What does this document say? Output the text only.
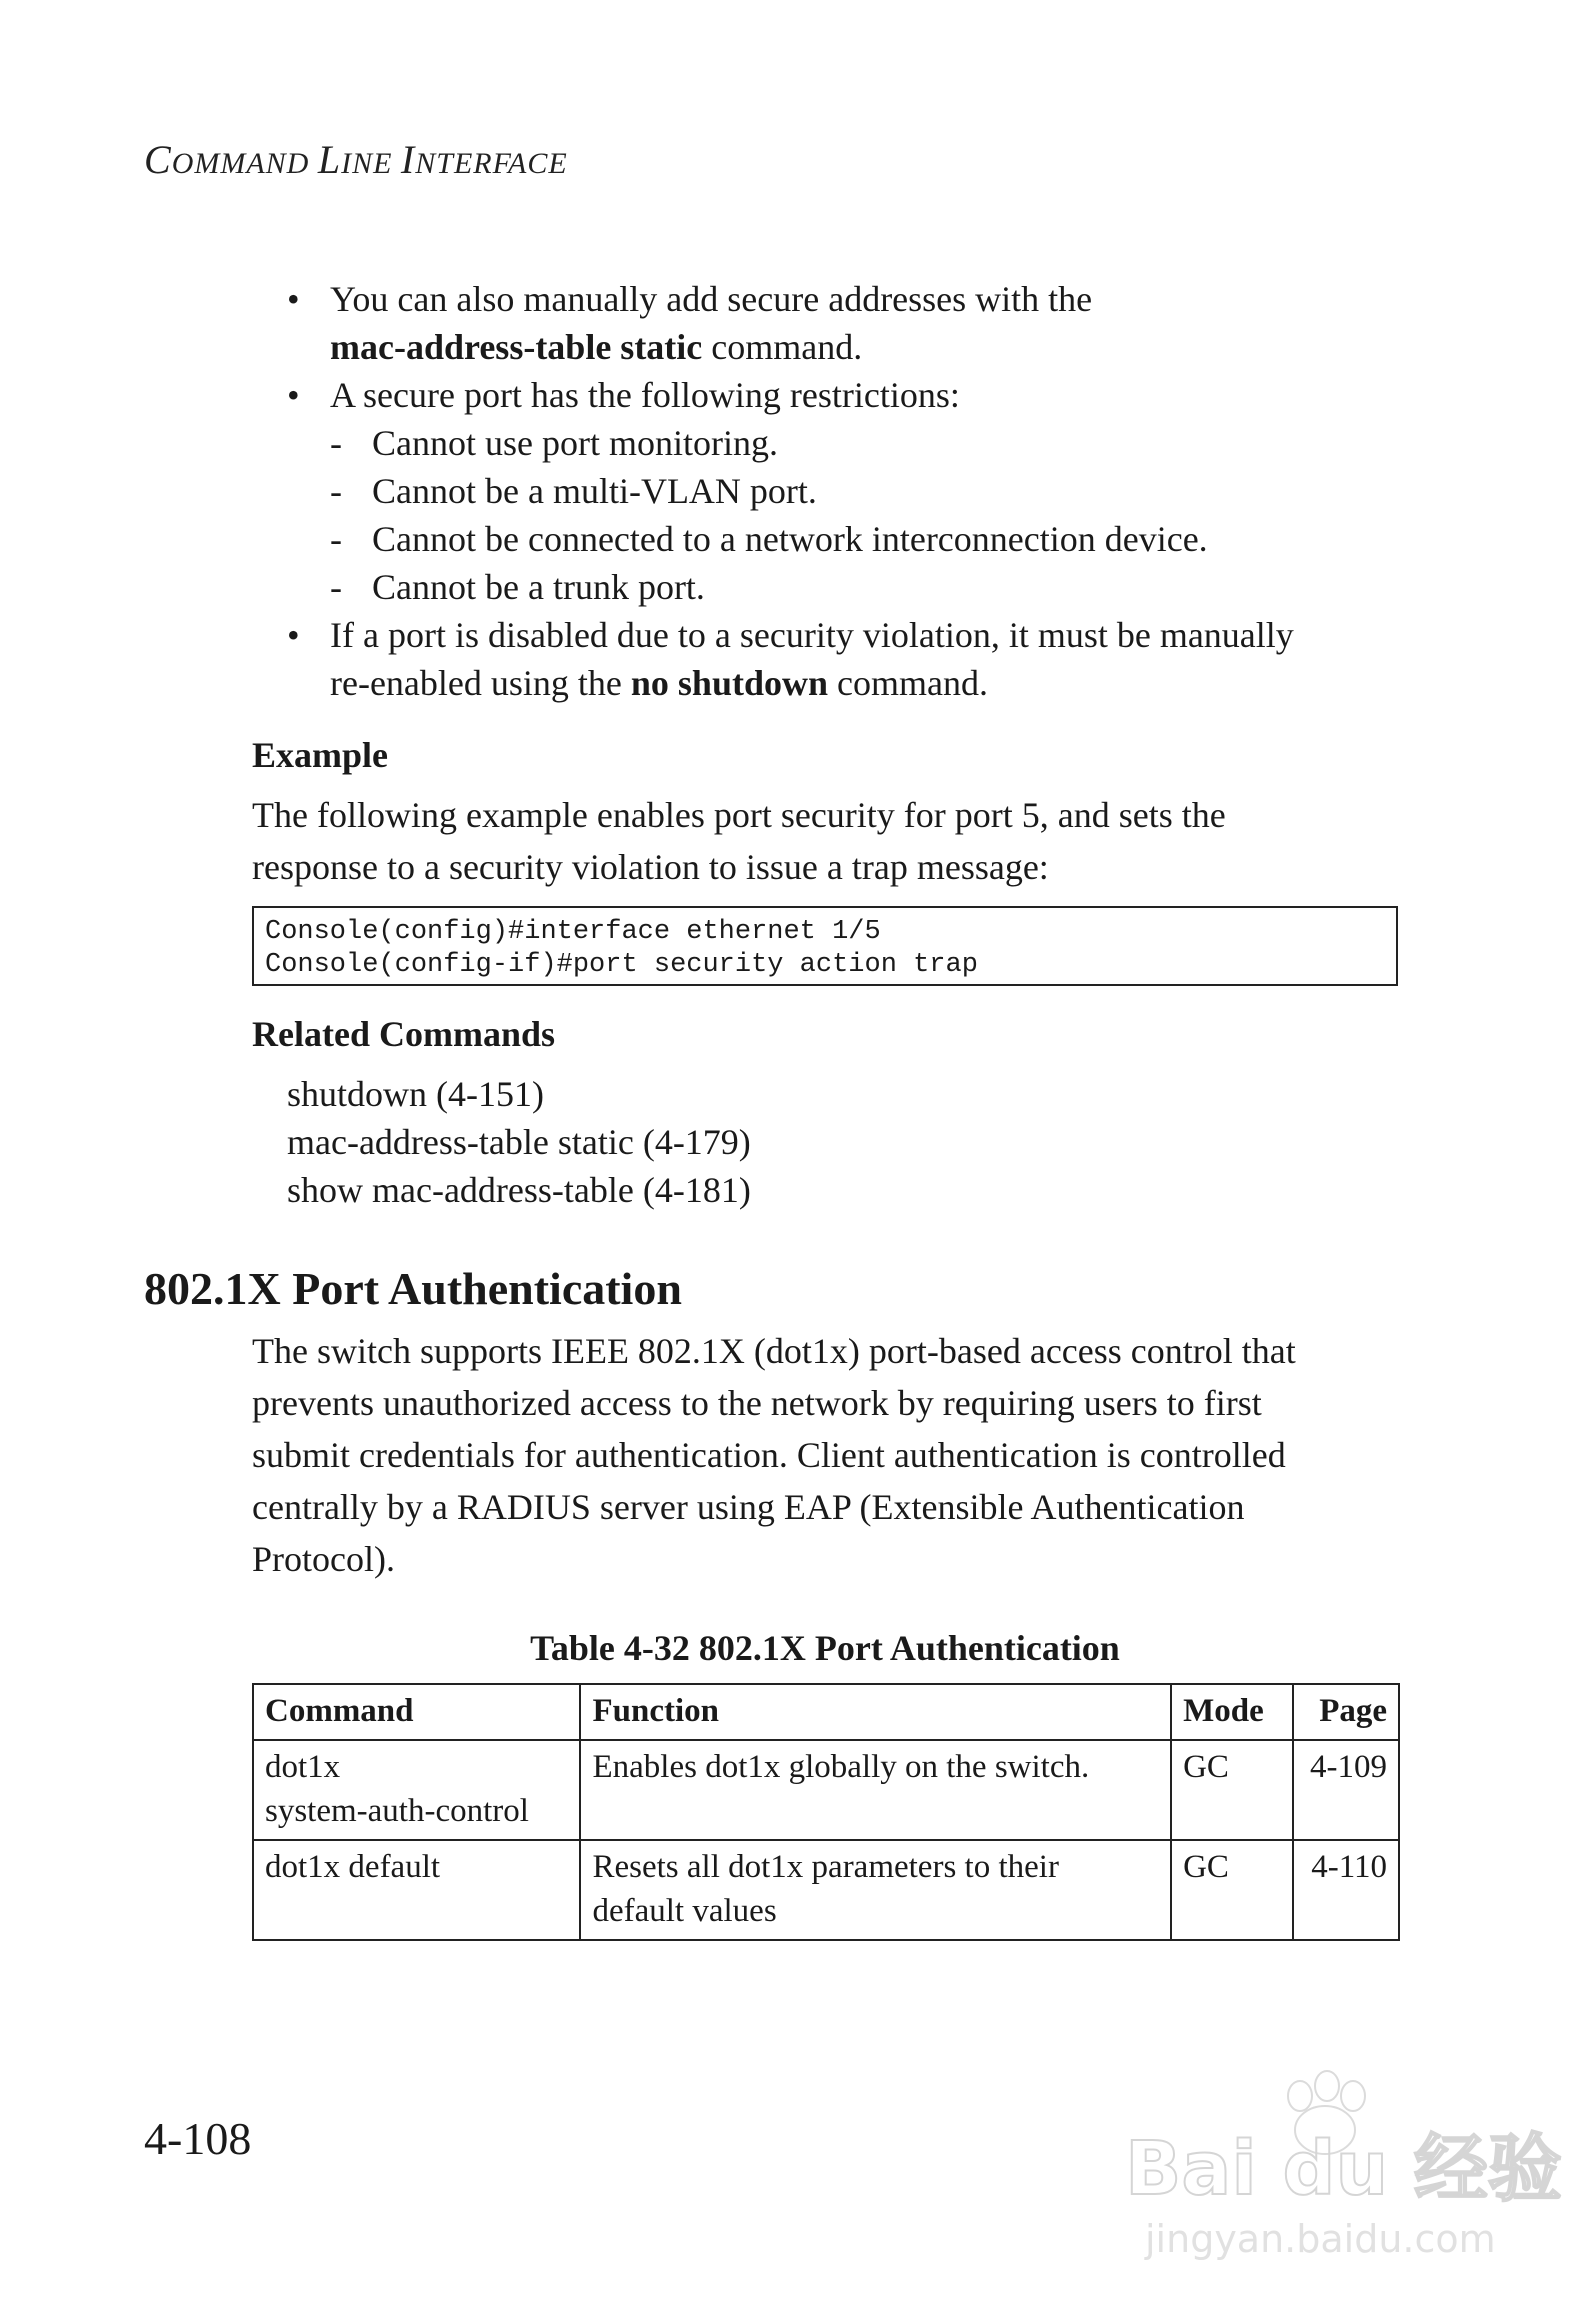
COMMAND LINE INTERFACE
• You can also manually add secure addresses with the
mac-address-table static command.
• A secure port has the following restrictions:
- Cannot use port monitoring.
- Cannot be a multi-VLAN port.
- Cannot be connected to a network interconnection device.
- Cannot be a trunk port.
• If a port is disabled due to a security violation, it must be manually
re-enabled using the no shutdown command.
Example
The following example enables port security for port 5, and sets the
response to a security violation to issue a trap message:
Console(config)#interface ethernet 1/5
Console(config-if)#port security action trap
Related Commands
shutdown (4-151)
mac-address-table static (4-179)
show mac-address-table (4-181)
802.1X Port Authentication
The switch supports IEEE 802.1X (dot1x) port-based access control that
prevents unauthorized access to the network by requiring users to first
submit credentials for authentication. Client authentication is controlled
centrally by a RADIUS server using EAP (Extensible Authentication
Protocol).
Table 4-32 802.1X Port Authentication
Command	Function	Mode	Page

dot1x
system-auth-control	Enables dot1x globally on the switch.	GC	4-109

dot1x default	Resets all dot1x parameters to their
default values	GC	4-110
4-108	Bai du 经验
jingyan.baidu.com
